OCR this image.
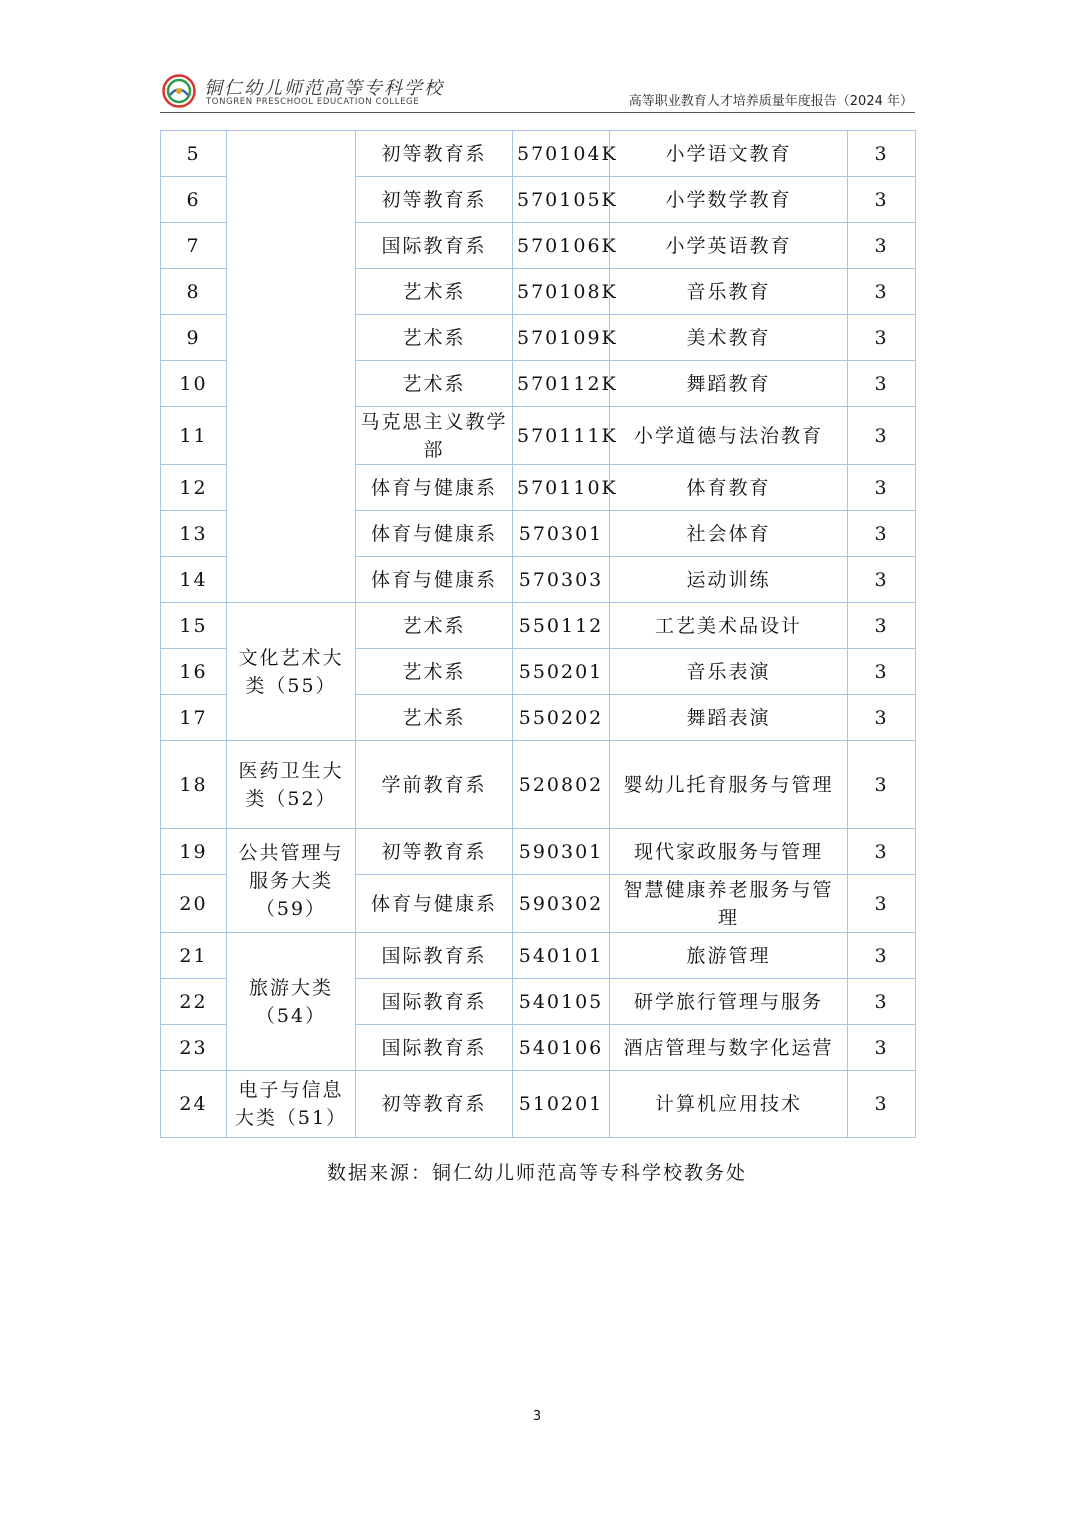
铜仁幼儿师范高等专科学校
TONGREN PRESCHOOL EDUCATION COLLEGE	高等职业教育人才培养质量年度报告（2024 年）
5		初等教育系	570104K	小学语文教育	3
6		初等教育系	570105K	小学数学教育	3
7		国际教育系	570106K	小学英语教育	3
8		艺术系	570108K	音乐教育	3
9		艺术系	570109K	美术教育	3
10		艺术系	570112K	舞蹈教育	3
11		马克思主义教学部	570111K	小学道德与法治教育	3
12		体育与健康系	570110K	体育教育	3
13		体育与健康系	570301	社会体育	3
14		体育与健康系	570303	运动训练	3
15	文化艺术大类（55）	艺术系	550112	工艺美术品设计	3
16		艺术系	550201	音乐表演	3
17		艺术系	550202	舞蹈表演	3
18	医药卫生大类（52）	学前教育系	520802	婴幼儿托育服务与管理	3
19	公共管理与服务大类（59）	初等教育系	590301	现代家政服务与管理	3
20		体育与健康系	590302	智慧健康养老服务与管理	3
21	旅游大类（54）	国际教育系	540101	旅游管理	3
22		国际教育系	540105	研学旅行管理与服务	3
23		国际教育系	540106	酒店管理与数字化运营	3
24	电子与信息大类（51）	初等教育系	510201	计算机应用技术	3
数据来源：铜仁幼儿师范高等专科学校教务处
3
